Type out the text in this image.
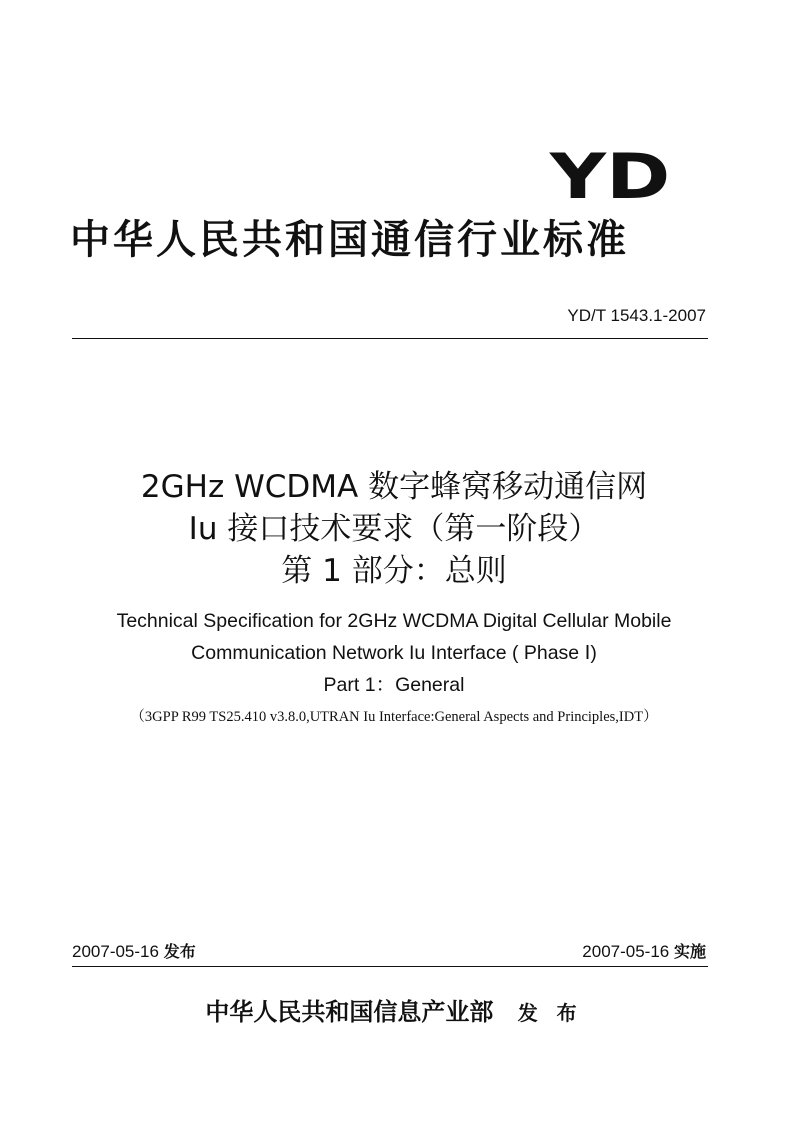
YD
中华人民共和国通信行业标准
YD/T 1543.1-2007
2GHz WCDMA 数字蜂窝移动通信网
Iu 接口技术要求（第一阶段）
第 1 部分：总则
Technical Specification for 2GHz WCDMA Digital Cellular Mobile
Communication Network Iu Interface ( Phase Ⅰ)
Part 1：General
（3GPP R99 TS25.410 v3.8.0,UTRAN Iu Interface:General Aspects and Principles,IDT）
2007-05-16 发布	2007-05-16 实施
中华人民共和国信息产业部 发 布
